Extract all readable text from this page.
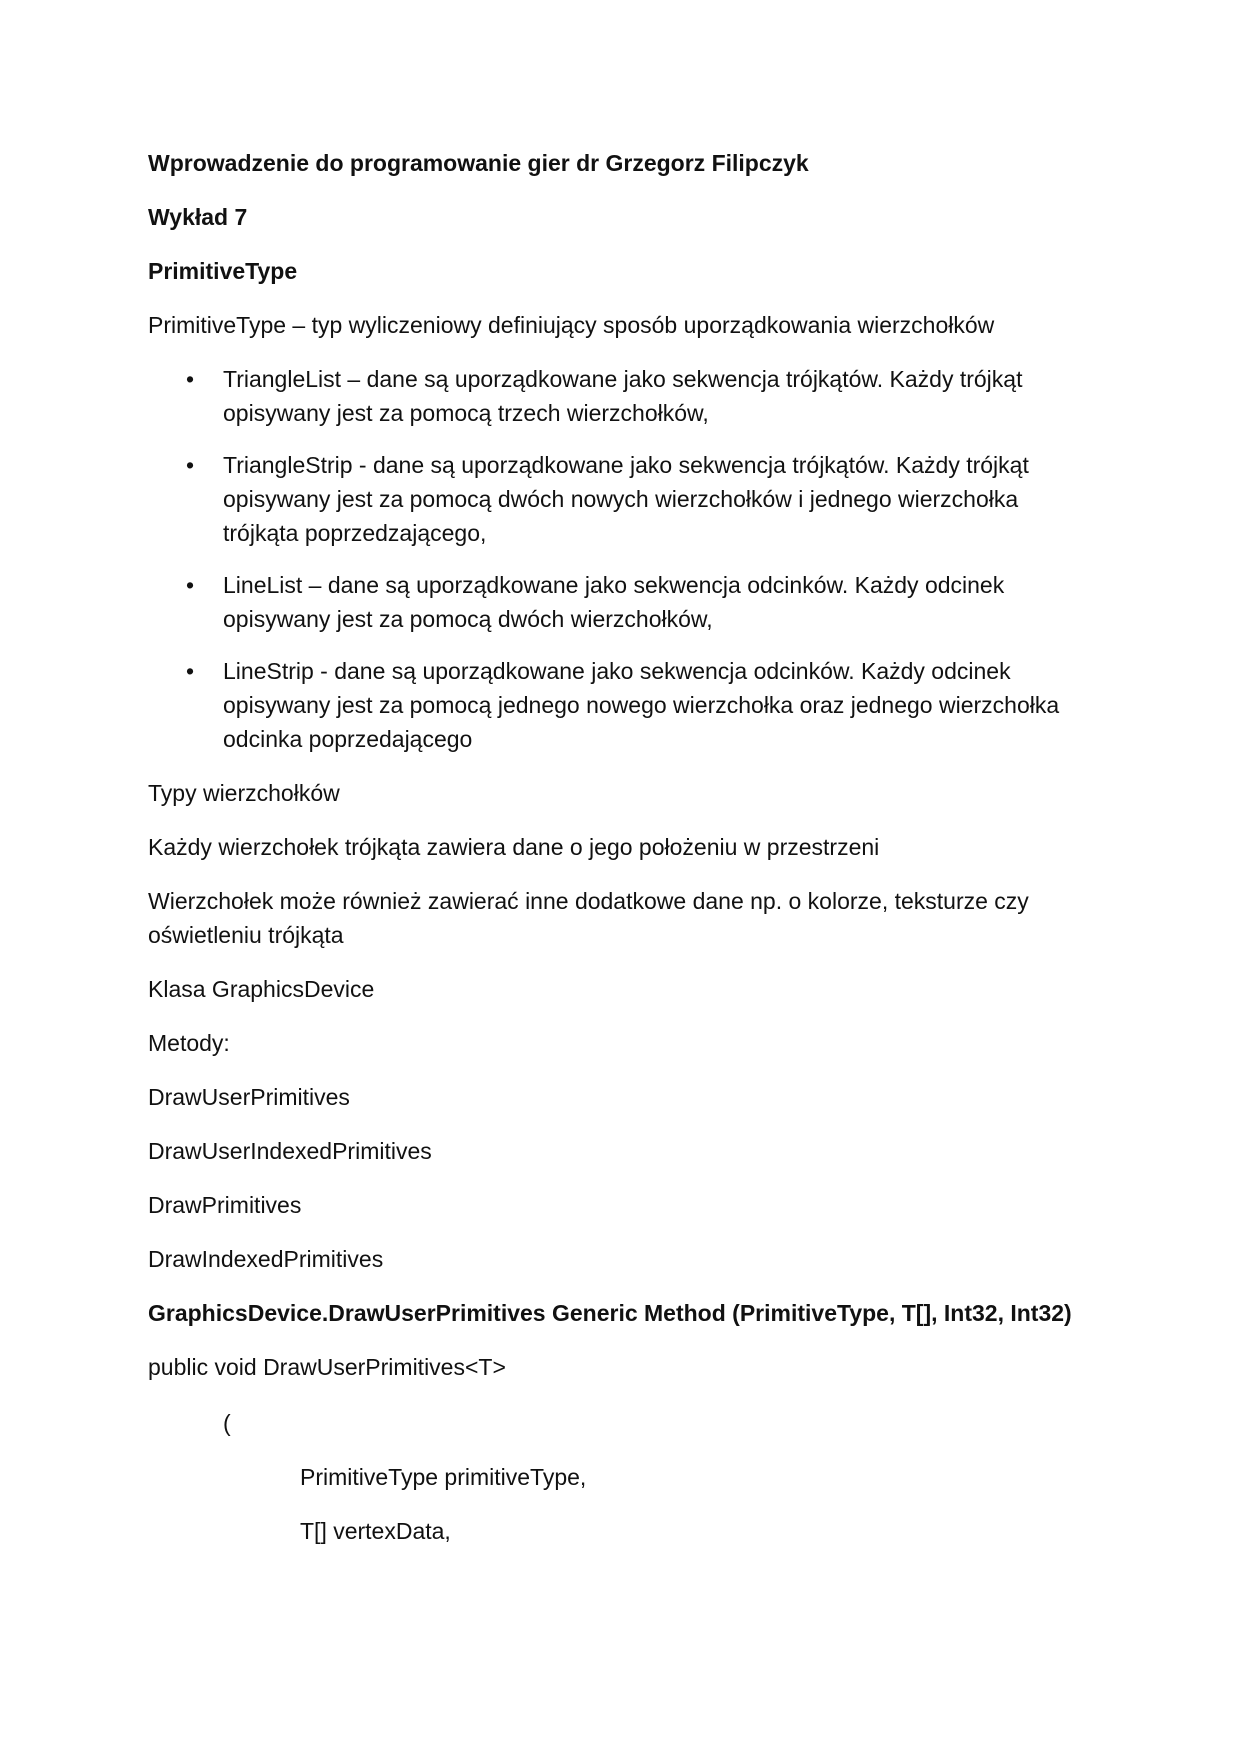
Wprowadzenie do programowanie gier dr Grzegorz Filipczyk

Wykład 7

PrimitiveType

PrimitiveType – typ wyliczeniowy definiujący sposób uporządkowania wierzchołków

• TriangleList – dane są uporządkowane jako sekwencja trójkątów. Każdy trójkąt opisywany jest za pomocą trzech wierzchołków,
• TriangleStrip - dane są uporządkowane jako sekwencja trójkątów. Każdy trójkąt opisywany jest za pomocą dwóch nowych wierzchołków i jednego wierzchołka trójkąta poprzedzającego,
• LineList – dane są uporządkowane jako sekwencja odcinków. Każdy odcinek opisywany jest za pomocą dwóch wierzchołków,
• LineStrip - dane są uporządkowane jako sekwencja odcinków. Każdy odcinek opisywany jest za pomocą jednego nowego wierzchołka oraz jednego wierzchołka odcinka poprzedającego

Typy wierzchołków

Każdy wierzchołek trójkąta zawiera dane o jego położeniu w przestrzeni

Wierzchołek może również zawierać inne dodatkowe dane np. o kolorze, teksturze czy oświetleniu trójkąta

Klasa GraphicsDevice

Metody:

DrawUserPrimitives

DrawUserIndexedPrimitives

DrawPrimitives

DrawIndexedPrimitives

GraphicsDevice.DrawUserPrimitives Generic Method (PrimitiveType, T[], Int32, Int32)

public void DrawUserPrimitives<T>

(

PrimitiveType primitiveType,

T[] vertexData,
